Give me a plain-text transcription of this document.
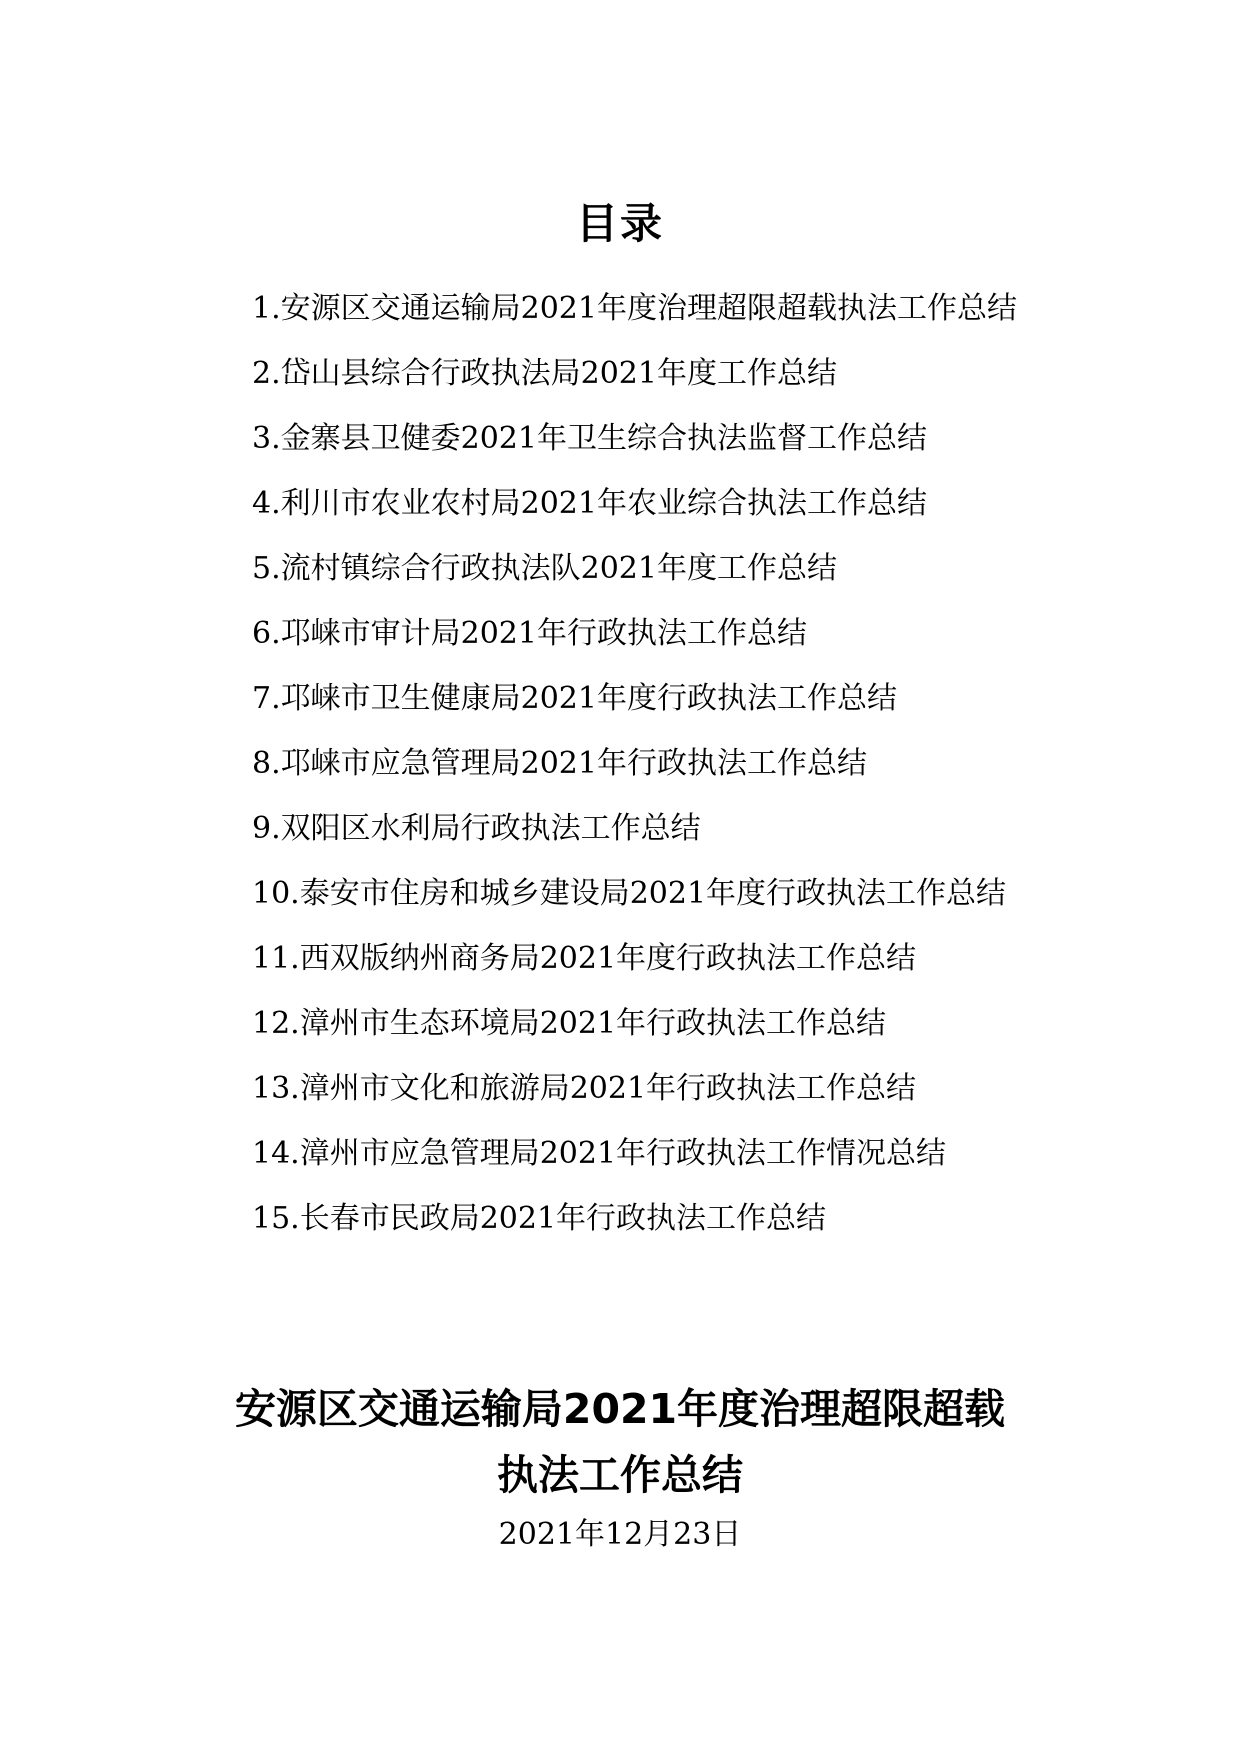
目录
1.安源区交通运输局2021年度治理超限超载执法工作总结
2.岱山县综合行政执法局2021年度工作总结
3.金寨县卫健委2021年卫生综合执法监督工作总结
4.利川市农业农村局2021年农业综合执法工作总结
5.流村镇综合行政执法队2021年度工作总结
6.邛崃市审计局2021年行政执法工作总结
7.邛崃市卫生健康局2021年度行政执法工作总结
8.邛崃市应急管理局2021年行政执法工作总结
9.双阳区水利局行政执法工作总结
10.泰安市住房和城乡建设局2021年度行政执法工作总结
11.西双版纳州商务局2021年度行政执法工作总结
12.漳州市生态环境局2021年行政执法工作总结
13.漳州市文化和旅游局2021年行政执法工作总结
14.漳州市应急管理局2021年行政执法工作情况总结
15.长春市民政局2021年行政执法工作总结
安源区交通运输局2021年度治理超限超载
执法工作总结
2021年12月23日
